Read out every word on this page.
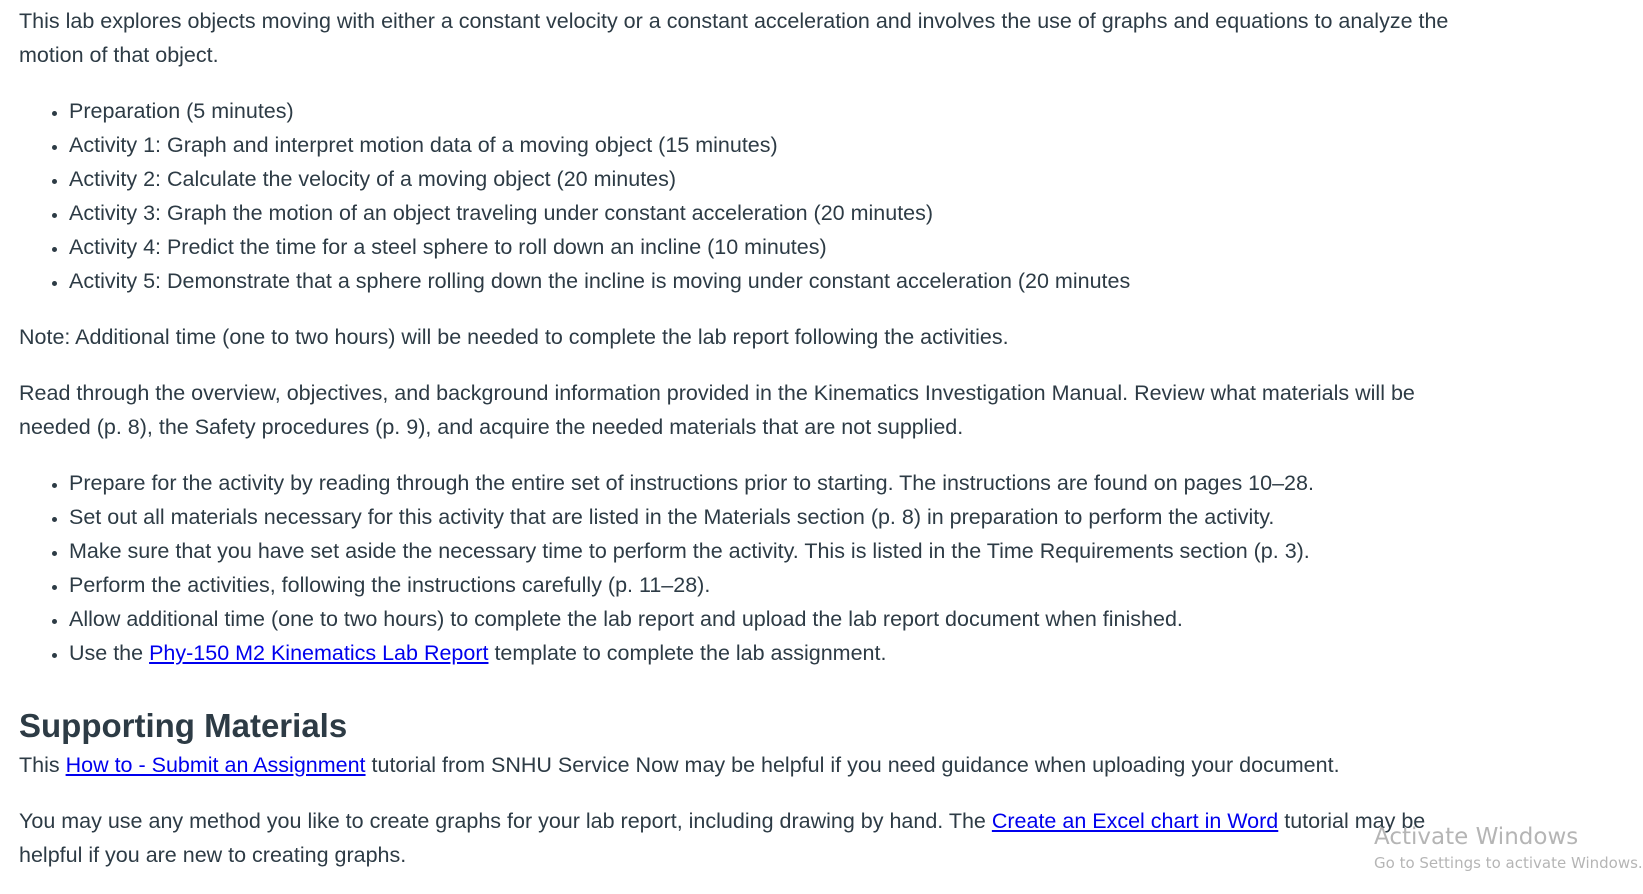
This lab explores objects moving with either a constant velocity or a constant acceleration and involves the use of graphs and equations to analyze the motion of that object.

• Preparation (5 minutes)
• Activity 1: Graph and interpret motion data of a moving object (15 minutes)
• Activity 2: Calculate the velocity of a moving object (20 minutes)
• Activity 3: Graph the motion of an object traveling under constant acceleration (20 minutes)
• Activity 4: Predict the time for a steel sphere to roll down an incline (10 minutes)
• Activity 5: Demonstrate that a sphere rolling down the incline is moving under constant acceleration (20 minutes

Note: Additional time (one to two hours) will be needed to complete the lab report following the activities.

Read through the overview, objectives, and background information provided in the Kinematics Investigation Manual. Review what materials will be needed (p. 8), the Safety procedures (p. 9), and acquire the needed materials that are not supplied.

• Prepare for the activity by reading through the entire set of instructions prior to starting. The instructions are found on pages 10–28.
• Set out all materials necessary for this activity that are listed in the Materials section (p. 8) in preparation to perform the activity.
• Make sure that you have set aside the necessary time to perform the activity. This is listed in the Time Requirements section (p. 3).
• Perform the activities, following the instructions carefully (p. 11–28).
• Allow additional time (one to two hours) to complete the lab report and upload the lab report document when finished.
• Use the Phy-150 M2 Kinematics Lab Report template to complete the lab assignment.
Supporting Materials

This How to - Submit an Assignment tutorial from SNHU Service Now may be helpful if you need guidance when uploading your document.

You may use any method you like to create graphs for your lab report, including drawing by hand. The Create an Excel chart in Word tutorial may be helpful if you are new to creating graphs.

Activate Windows
Go to Settings to activate Windows.
